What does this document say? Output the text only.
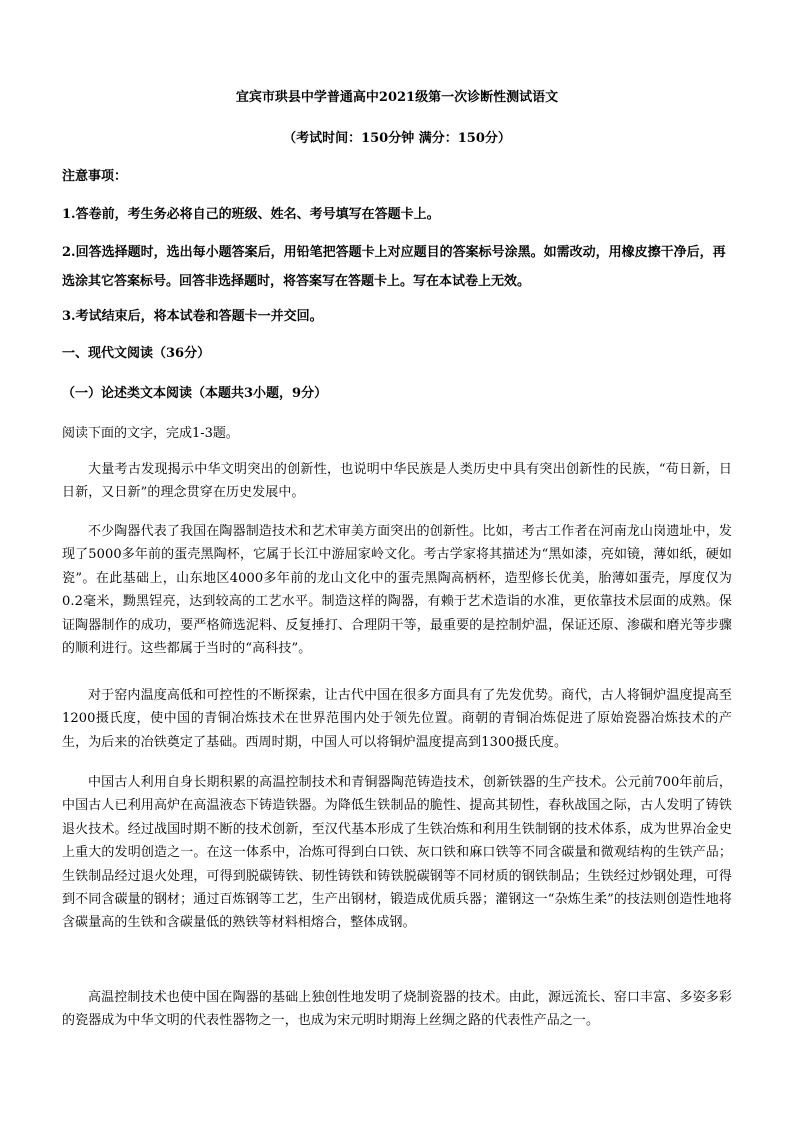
宜宾市珙县中学普通高中2021级第一次诊断性测试语文
（考试时间：150分钟 满分：150分）
注意事项：
1.答卷前，考生务必将自己的班级、姓名、考号填写在答题卡上。
2.回答选择题时，选出每小题答案后，用铅笔把答题卡上对应题目的答案标号涂黑。如需改动，用橡皮擦干净后，再选涂其它答案标号。回答非选择题时，将答案写在答题卡上。写在本试卷上无效。
3.考试结束后，将本试卷和答题卡一并交回。
一、现代文阅读（36分）
（一）论述类文本阅读（本题共3小题，9分）
阅读下面的文字，完成1-3题。
大量考古发现揭示中华文明突出的创新性，也说明中华民族是人类历史中具有突出创新性的民族，“苟日新，日日新，又日新”的理念贯穿在历史发展中。
不少陶器代表了我国在陶器制造技术和艺术审美方面突出的创新性。比如，考古工作者在河南龙山岗遗址中，发现了5000多年前的蛋壳黑陶杯，它属于长江中游屈家岭文化。考古学家将其描述为“黑如漆，亮如镜，薄如纸，硬如瓷”。在此基础上，山东地区4000多年前的龙山文化中的蛋壳黑陶高柄杯，造型修长优美，胎薄如蛋壳，厚度仅为0.2毫米，黝黑锃亮，达到较高的工艺水平。制造这样的陶器，有赖于艺术造诣的水准，更依靠技术层面的成熟。保证陶器制作的成功，要严格筛选泥料、反复捶打、合理阴干等，最重要的是控制炉温，保证还原、渗碳和磨光等步骤的顺利进行。这些都属于当时的“高科技”。
对于窑内温度高低和可控性的不断探索，让古代中国在很多方面具有了先发优势。商代，古人将铜炉温度提高至1200摄氏度，使中国的青铜冶炼技术在世界范围内处于领先位置。商朝的青铜冶炼促进了原始瓷器冶炼技术的产生，为后来的冶铁奠定了基础。西周时期，中国人可以将铜炉温度提高到1300摄氏度。
中国古人利用自身长期积累的高温控制技术和青铜器陶范铸造技术，创新铁器的生产技术。公元前700年前后，中国古人已利用高炉在高温液态下铸造铁器。为降低生铁制品的脆性、提高其韧性，春秋战国之际，古人发明了铸铁退火技术。经过战国时期不断的技术创新，至汉代基本形成了生铁冶炼和利用生铁制钢的技术体系，成为世界冶金史上重大的发明创造之一。在这一体系中，冶炼可得到白口铁、灰口铁和麻口铁等不同含碳量和微观结构的生铁产品；生铁制品经过退火处理，可得到脱碳铸铁、韧性铸铁和铸铁脱碳钢等不同材质的钢铁制品；生铁经过炒钢处理，可得到不同含碳量的钢材；通过百炼钢等工艺，生产出钢材，锻造成优质兵器；灌钢这一“杂炼生柔”的技法则创造性地将含碳量高的生铁和含碳量低的熟铁等材料相熔合，整体成钢。
高温控制技术也使中国在陶器的基础上独创性地发明了烧制瓷器的技术。由此，源远流长、窑口丰富、多姿多彩的瓷器成为中华文明的代表性器物之一，也成为宋元明时期海上丝绸之路的代表性产品之一。
